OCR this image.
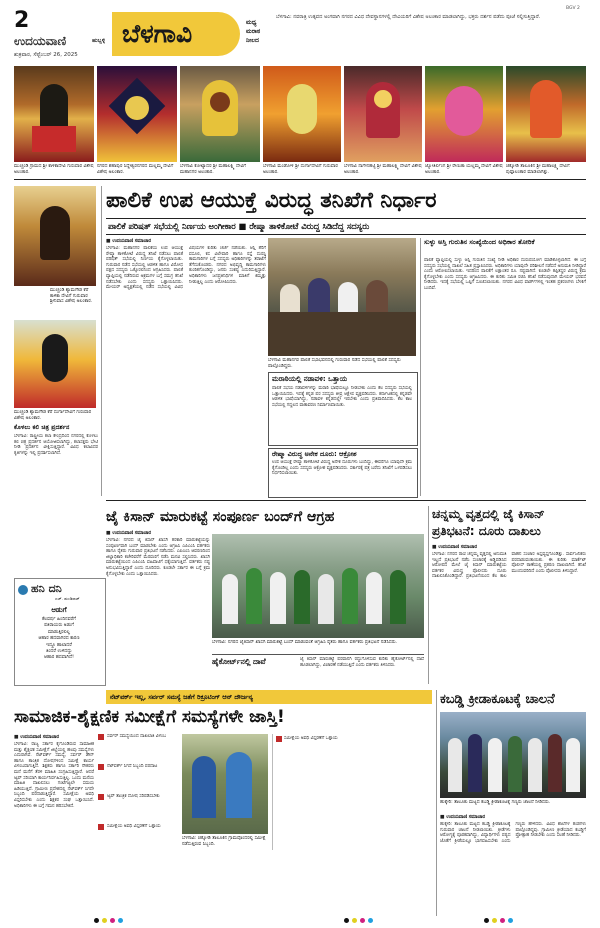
2
ಉದಯವಾಣಿ	ಹುಬ್ಬಳ್ಳಿ
ಶುಕ್ರವಾರ, ಸೆಪ್ಟೆಂಬರ್ 26, 2025
ಬೆಳಗಾವಿ	ಮಧ್ಯ ಮರಾಠ ನೀಲದ
ಬೆಳಗಾವಿ: ನವರಾತ್ರಿ ಉತ್ಸವದ ಅಂಗವಾಗಿ ನಗರದ ವಿವಿಧ ದೇವಸ್ಥಾನಗಳಲ್ಲಿ ದೇವಿಯರಿಗೆ ವಿಶೇಷ ಅಲಂಕಾರ ಮಾಡಲಾಗಿದ್ದು, ಭಕ್ತರು ದರ್ಶನ ಪಡೆದು ಪೂಜೆ ಸಲ್ಲಿಸುತ್ತಿದ್ದಾರೆ.
BGV 2
ಮುಚ್ಚಂಡಿ ಗ್ರಾಮದ ಶ್ರೀ ಕಾಳಿಕಾದೇವಿ ಗುರುವಾರ ವಿಶೇಷ ಅಲಂಕಾರ.
ನಗರದ ಶಹಾಪುರ ಸಿದ್ದೇಶ್ವರನಗರದ ಮಲ್ಲಮ್ಮ ದೇವಿಗೆ ವಿಶೇಷ ಅಲಂಕಾರ.
ಬೆಳಗಾವಿ ಕೋಟ್ಯಾದರ ಶ್ರೀ ಮಹಾಲಕ್ಷ್ಮಿ ದೇವಿಗೆ ಮಹಾನಗರ ಅಲಂಕಾರ.
ಬೆಳಗಾವಿ ಮಂಡೋಳಿ ಶ್ರೀ ದುರ್ಗಾದೇವಿಗೆ ಗುರುವಾರ ಅಲಂಕಾರ.
ಬೆಳಗಾವಿ ನಾಗೇನಹಟ್ಟಿ ಶ್ರೀ ಮಹಾಲಕ್ಷ್ಮಿ ದೇವಿಗೆ ವಿಶೇಷ ಅಲಂಕಾರ.
ಜ್ಯೋತಿರ್ಲಿಂಗ ಶ್ರೀ ರೇಣುಕಾ ಯಲ್ಲಮ್ಮ ದೇವಿಗೆ ವಿಶೇಷ ಅಲಂಕಾರ.
ಚಿಕ್ಕೋಡಿ ತಾಲೂಕಿನ ಶ್ರೀ ಮಹಾಲಕ್ಷ್ಮಿ ದೇವಿಗೆ ಪುಷ್ಪಾಲಂಕಾರ ಮಾಡಲಾಗಿತ್ತು.
ಮುಚ್ಚಂಡಿ ಶ್ಯಾಮಗೌಡ ಕೆರೆ ಕಾಳಿಕಾ ದೇವಿಗೆ ಗುರುವಾರ ಶ್ರೀನಿವಾಸ ವಿಶೇಷ ಅಲಂಕಾರ.
ಮುಚ್ಚಂಡಿ ಶ್ಯಾಮಗೌಡ ಕೆರೆ ದುರ್ಗಾದೇವಿಗೆ ಗುರುವಾರ ವಿಶೇಷ ಅಲಂಕಾರ.
ಕೊಳಲು ಕಲಿ ಚಿತ್ರ ಪ್ರದರ್ಶನ
ಬೆಳಗಾವಿ: ರಾಷ್ಟ್ರೀಯ ಕಲಾ ಕೇಂದ್ರದಿಂದ ನಗರದಲ್ಲಿ ಕೊಳಲು ಕಲಿ ಚಿತ್ರ ಪ್ರದರ್ಶನ ಆಯೋಜಿಸಲಾಗಿದ್ದು, ಕಲಾಸಕ್ತರು ಭೇಟಿ ನೀಡಿ ಪ್ರದರ್ಶನ ವೀಕ್ಷಿಸುತ್ತಿದ್ದಾರೆ. ವಿವಿಧ ಕಲಾವಿದರ ಕೃತಿಗಳನ್ನು ಇಲ್ಲಿ ಪ್ರದರ್ಶಿಸಲಾಗಿದೆ.
ಪಾಲಿಕೆ ಉಪ ಆಯುಕ್ತೆ ವಿರುದ್ಧ ತನಿಖೆಗೆ ನಿರ್ಧಾರ
ಪಾಲಿಕೆ ಪರಿಷತ್ ಸಭೆಯಲ್ಲಿ ನಿರ್ಣಯ ಅಂಗೀಕಾರ ■ ರೇಷ್ಮಾ ತಾಳಿಕೋಟೆ ವಿರುದ್ಧ ಸಿಡಿದೆದ್ದ ಸದಸ್ಯರು
■ ಉದಯವಾಣಿ ಸಮಾಚಾರ
ಬೆಳಗಾವಿ: ಮಹಾನಗರ ಪಾಲಿಕೆಯ ಉಪ ಆಯುಕ್ತೆ ರೇಷ್ಮಾ ತಾಳಿಕೋಟೆ ವಿರುದ್ಧ ತನಿಖೆ ನಡೆಸಲು ಪಾಲಿಕೆ ಪರಿಷತ್ ಸಭೆಯಲ್ಲಿ ನಿರ್ಣಯ ಕೈಗೊಳ್ಳಲಾಯಿತು. ಗುರುವಾರ ನಡೆದ ಸಭೆಯಲ್ಲಿ ಆಡಳಿತ ಹಾಗೂ ವಿರೋಧ ಪಕ್ಷದ ಸದಸ್ಯರು ಒಕ್ಕೊರಲಿನಿಂದ ಆಗ್ರಹಿಸಿದರು. ಪಾಲಿಕೆ ವ್ಯಾಪ್ತಿಯಲ್ಲಿ ನಡೆದಿರುವ ಅಕ್ರಮಗಳ ಬಗ್ಗೆ ಸಮಗ್ರ ತನಿಖೆ ನಡೆಸಬೇಕು ಎಂದು ಸದಸ್ಯರು ಒತ್ತಾಯಿಸಿದರು. ಮೇಯರ್ ಅಧ್ಯಕ್ಷತೆಯಲ್ಲಿ ನಡೆದ ಸಭೆಯಲ್ಲಿ ವಿವಿಧ ವಿಷಯಗಳ ಕುರಿತು ಚರ್ಚೆ ನಡೆಯಿತು. ಆಸ್ತಿ ತೆರಿಗೆ ವಸೂಲಿ, ಕಸ ವಿಲೇವಾರಿ ಹಾಗೂ ರಸ್ತೆ ದುರಸ್ತಿ ಕಾಮಗಾರಿಗಳ ಬಗ್ಗೆ ಸದಸ್ಯರು ಅಧಿಕಾರಿಗಳನ್ನು ತರಾಟೆಗೆ ತೆಗೆದುಕೊಂಡರು. ನಗರದ ಅಭಿವೃದ್ಧಿ ಕಾಮಗಾರಿಗಳು ಕುಂಠಿತಗೊಂಡಿದ್ದು, ಜನರು ಸಂಕಷ್ಟ ಎದುರಿಸುತ್ತಿದ್ದಾರೆ. ಅಧಿಕಾರಿಗಳು ಜನಪ್ರತಿನಿಧಿಗಳ ಮಾತಿಗೆ ಕಿಮ್ಮತ್ತು ನೀಡುತ್ತಿಲ್ಲ ಎಂದು ಆರೋಪಿಸಿದರು.
ಬೆಳಗಾವಿ ಮಹಾನಗರ ಪಾಲಿಕೆ ಸಭಾಭವನದಲ್ಲಿ ಗುರುವಾರ ನಡೆದ ಸಭೆಯಲ್ಲಿ ಪಾಲಿಕೆ ಸದಸ್ಯರು ಪಾಲ್ಗೊಂಡಿದ್ದರು.
ಮರಾಠಿಯಲ್ಲಿ ನಡಾವಳಿ: ಒತ್ತಾಯ
ಪಾಲಿಕೆ ಸಭೆಯ ನಡಾವಳಿಗಳನ್ನು ಮರಾಠಿ ಭಾಷೆಯಲ್ಲೂ ನೀಡಬೇಕು ಎಂದು ಕೆಲ ಸದಸ್ಯರು ಸಭೆಯಲ್ಲಿ ಒತ್ತಾಯಿಸಿದರು. ಇದಕ್ಕೆ ಕನ್ನಡ ಪರ ಸದಸ್ಯರು ತೀವ್ರ ಆಕ್ಷೇಪ ವ್ಯಕ್ತಪಡಿಸಿದರು. ಕರ್ನಾಟಕದಲ್ಲಿ ಕನ್ನಡವೇ ಆಡಳಿತ ಭಾಷೆಯಾಗಿದ್ದು, ನಡಾವಳಿ ಕನ್ನಡದಲ್ಲೇ ಇರಬೇಕು ಎಂದು ಪ್ರತಿಪಾದಿಸಿದರು. ಕೆಲ ಕಾಲ ಸಭೆಯಲ್ಲಿ ಗದ್ದಲದ ವಾತಾವರಣ ನಿರ್ಮಾಣವಾಯಿತು.
ರೇಷ್ಮಾ ವಿರುದ್ಧ ಅನೇಕ ದೂರು: ಆಕ್ರೋಶ
ಉಪ ಆಯುಕ್ತೆ ರೇಷ್ಮಾ ತಾಳಿಕೋಟೆ ವಿರುದ್ಧ ಅನೇಕ ದೂರುಗಳು ಬಂದಿದ್ದು, ಈವರೆಗೂ ಯಾವುದೇ ಕ್ರಮ ಕೈಗೊಂಡಿಲ್ಲ ಎಂದು ಸದಸ್ಯರು ಆಕ್ರೋಶ ವ್ಯಕ್ತಪಡಿಸಿದರು. ಸರ್ಕಾರಕ್ಕೆ ಪತ್ರ ಬರೆದು ತನಿಖೆಗೆ ಒಳಪಡಿಸಲು ನಿರ್ಧರಿಸಲಾಯಿತು.
ಸುಳ್ಳು ಅಸ್ತಿ ಗುರುತಿನ ಸಂಖ್ಯೆಯಿಂದ ಅಧಿಕಾರ ತೋರಿಕೆ
ಪಾಲಿಕೆ ವ್ಯಾಪ್ತಿಯಲ್ಲಿ ಸುಳ್ಳು ಆಸ್ತಿ ಗುರುತಿನ ಸಂಖ್ಯೆ ನೀಡಿ ಅಧಿಕಾರ ದುರುಪಯೋಗ ಮಾಡಿಕೊಳ್ಳಲಾಗಿದೆ. ಈ ಬಗ್ಗೆ ಸದಸ್ಯರು ಸಭೆಯಲ್ಲಿ ದಾಖಲೆ ಸಹಿತ ಪ್ರಸ್ತಾಪಿಸಿದರು. ಅಧಿಕಾರಿಗಳು ಯಾವುದೇ ಪರಿಶೀಲನೆ ನಡೆಸದೆ ಅನುಮತಿ ನೀಡಿದ್ದಾರೆ ಎಂದು ಆರೋಪಿಸಲಾಯಿತು. ಇದರಿಂದ ಪಾಲಿಕೆಗೆ ಲಕ್ಷಾಂತರ ರೂ. ನಷ್ಟವಾಗಿದೆ. ಕೂಡಲೇ ತಪ್ಪಿತಸ್ಥರ ವಿರುದ್ಧ ಕ್ರಮ ಕೈಗೊಳ್ಳಬೇಕು ಎಂದು ಸದಸ್ಯರು ಆಗ್ರಹಿಸಿದರು. ಈ ಕುರಿತು ಸಮಿತಿ ರಚಿಸಿ ತನಿಖೆ ನಡೆಸುವುದಾಗಿ ಮೇಯರ್ ಭರವಸೆ ನೀಡಿದರು. ಇದಕ್ಕೆ ಸಭೆಯಲ್ಲಿ ಒಪ್ಪಿಗೆ ಸೂಚಿಸಲಾಯಿತು. ನಗರದ ವಿವಿಧ ವಾರ್ಡ್‌ಗಳಲ್ಲಿ ಇಂತಹ ಪ್ರಕರಣಗಳು ಬೆಳಕಿಗೆ ಬಂದಿವೆ.
ಜೈ ಕಿಸಾನ್ ಮಾರುಕಟ್ಟೆ ಸಂಪೂರ್ಣ ಬಂದ್‌ಗೆ ಆಗ್ರಹ
■ ಉದಯವಾಣಿ ಸಮಾಚಾರ
ಬೆಳಗಾವಿ: ನಗರದ ಜೈ ಕಿಸಾನ್ ಖಾಸಗಿ ತರಕಾರಿ ಮಾರುಕಟ್ಟೆಯನ್ನು ಸಂಪೂರ್ಣವಾಗಿ ಬಂದ್ ಮಾಡಬೇಕು ಎಂದು ಆಗ್ರಹಿಸಿ ಎಪಿಎಂಸಿ ವರ್ತಕರು ಹಾಗೂ ರೈತರು ಗುರುವಾರ ಪ್ರತಿಭಟನೆ ನಡೆಸಿದರು. ಎಪಿಎಂಸಿ ಆವರಣದಿಂದ ಜಿಲ್ಲಾಧಿಕಾರಿ ಕಚೇರಿವರೆಗೆ ಮೆರವಣಿಗೆ ನಡೆಸಿ ಮನವಿ ಸಲ್ಲಿಸಿದರು. ಖಾಸಗಿ ಮಾರುಕಟ್ಟೆಯಿಂದ ಎಪಿಎಂಸಿ ವಹಿವಾಟಿಗೆ ಧಕ್ಕೆಯಾಗುತ್ತಿದೆ. ವರ್ತಕರು ನಷ್ಟ ಅನುಭವಿಸುತ್ತಿದ್ದಾರೆ ಎಂದು ದೂರಿದರು. ಕೂಡಲೇ ಸರ್ಕಾರ ಈ ಬಗ್ಗೆ ಕ್ರಮ ಕೈಗೊಳ್ಳಬೇಕು ಎಂದು ಒತ್ತಾಯಿಸಿದರು.
ಬೆಳಗಾವಿ: ನಗರದ ಜೈಕಿಸಾನ್ ಖಾಸಗಿ ಮಾರುಕಟ್ಟೆ ಬಂದ್ ಮಾಡುವಂತೆ ಆಗ್ರಹಿಸಿ ರೈತರು ಹಾಗೂ ವರ್ತಕರು ಪ್ರತಿಭಟನೆ ನಡೆಸಿದರು.
ಹನಿ ದನಿ
ಎಚ್. ಡುಂಡಿರಾಜ್
ಆಡುಗೆ
ಕೆಲವರ್ಷ ಹಿಂದಿನವರೆಗೆ
ಪತಿರಾಯರು ಅಡುಗೆ
ಮಾಡುತ್ತಿರಲಿಲ್ಲ
ಆಹಾರ ಹದವಾಗಿರದ ಕಾರಣ
ಇದ್ದೂ ಹಾಲಾದರೆ
ತಿಂದರೆ ಉಳಿದದ್ದು
ಆಹಾರ ಹದವಾಗಿದೆ!	ಹೈಕೋರ್ಟ್‌ನಲ್ಲಿ ದಾವೆ	ಜೈ ಕಿಸಾನ್ ಮಾರುಕಟ್ಟೆ ಪರವಾನಗಿ ರದ್ದುಗೊಳಿಸುವ ಕುರಿತು ಹೈಕೋರ್ಟ್‌ನಲ್ಲಿ ದಾವೆ ಹೂಡಲಾಗಿದ್ದು, ವಿಚಾರಣೆ ನಡೆಯುತ್ತಿದೆ ಎಂದು ವರ್ತಕರು ತಿಳಿಸಿದರು.
ಚನ್ನಮ್ಮ ವೃತ್ತದಲ್ಲಿ ಜೈ ಕಿಸಾನ್ ಪ್ರತಿಭಟನೆ: ದೂರು ದಾಖಲು
■ ಉದಯವಾಣಿ ಸಮಾಚಾರ
ಬೆಳಗಾವಿ: ನಗರದ ರಾಣಿ ಚನ್ನಮ್ಮ ವೃತ್ತದಲ್ಲಿ ಅನುಮತಿ ಇಲ್ಲದೆ ಪ್ರತಿಭಟನೆ ನಡೆಸಿ ಸಂಚಾರಕ್ಕೆ ಅಡ್ಡಿಪಡಿಸಿದ ಆರೋಪದ ಮೇಲೆ ಜೈ ಕಿಸಾನ್ ಮಾರುಕಟ್ಟೆಯ ವರ್ತಕರ ವಿರುದ್ಧ ಪೊಲೀಸರು ದೂರು ದಾಖಲಿಸಿಕೊಂಡಿದ್ದಾರೆ. ಪ್ರತಿಭಟನೆಯಿಂದ ಕೆಲ ಕಾಲ ವಾಹನ ಸಂಚಾರ ಅಸ್ತವ್ಯಸ್ತಗೊಂಡಿತ್ತು. ಸಾರ್ವಜನಿಕರು ಪರದಾಡುವಂತಾಯಿತು. ಈ ಕುರಿತು ಮಾರ್ಕೆಟ್ ಪೊಲೀಸ್ ಠಾಣೆಯಲ್ಲಿ ಪ್ರಕರಣ ದಾಖಲಾಗಿದೆ. ತನಿಖೆ ಮುಂದುವರಿದಿದೆ ಎಂದು ಪೊಲೀಸರು ತಿಳಿಸಿದ್ದಾರೆ.
ನೆಟ್‌ವರ್ಕ್ ಇಲ್ಲ, ಸರ್ವರ್ ಸಮಸ್ಯೆ ಜತೆಗೆ ರಿಕ್ರೂಟಿಂಗ್ ಆನ್ ದೌರ್ಜನ್ಯ
ಸಾಮಾಜಿಕ-ಶೈಕ್ಷಣಿಕ ಸಮೀಕ್ಷೆಗೆ ಸಮಸ್ಯೆಗಳೇ ಜಾಸ್ತಿ!
■ ಉದಯವಾಣಿ ಸಮಾಚಾರ
ಬೆಳಗಾವಿ: ರಾಜ್ಯ ಸರ್ಕಾರ ಕೈಗೊಂಡಿರುವ ಸಾಮಾಜಿಕ ಮತ್ತು ಶೈಕ್ಷಣಿಕ ಸಮೀಕ್ಷೆಗೆ ಜಿಲ್ಲೆಯಲ್ಲಿ ಹಲವು ಸಮಸ್ಯೆಗಳು ಎದುರಾಗಿವೆ. ನೆಟ್‌ವರ್ಕ್ ಸಮಸ್ಯೆ, ಸರ್ವರ್ ಡೌನ್ ಹಾಗೂ ತಾಂತ್ರಿಕ ದೋಷಗಳಿಂದ ಸಮೀಕ್ಷೆ ಕಾರ್ಯ ವಿಳಂಬವಾಗುತ್ತಿದೆ. ಶಿಕ್ಷಕರು ಹಾಗೂ ಸರ್ಕಾರಿ ನೌಕರರು ಮನೆ ಮನೆಗೆ ತೆರಳಿ ಮಾಹಿತಿ ಸಂಗ್ರಹಿಸುತ್ತಿದ್ದಾರೆ. ಆದರೆ ಆ್ಯಪ್ ಸರಿಯಾಗಿ ಕಾರ್ಯನಿರ್ವಹಿಸುತ್ತಿಲ್ಲ. ಒಂದು ಮನೆಯ ಮಾಹಿತಿ ದಾಖಲಿಸಲು ಗಂಟೆಗಟ್ಟಲೇ ಸಮಯ ಹಿಡಿಯುತ್ತಿದೆ. ಗ್ರಾಮೀಣ ಪ್ರದೇಶದಲ್ಲಿ ನೆಟ್‌ವರ್ಕ್ ಸಿಗದೇ ಸಿಬ್ಬಂದಿ ಪರದಾಡುತ್ತಿದ್ದಾರೆ. ಸಮೀಕ್ಷೆಯ ಅವಧಿ ವಿಸ್ತರಿಸಬೇಕು ಎಂದು ಶಿಕ್ಷಕರ ಸಂಘ ಒತ್ತಾಯಿಸಿದೆ. ಅಧಿಕಾರಿಗಳು ಈ ಬಗ್ಗೆ ಗಮನ ಹರಿಸಬೇಕಿದೆ.
ಸರ್ವರ್ ಸಮಸ್ಯೆಯಿಂದ ದಾಖಲಾತಿ ವಿಳಂಬ
ನೆಟ್‌ವರ್ಕ್ ಸಿಗದೆ ಸಿಬ್ಬಂದಿ ಪರದಾಟ
ಆ್ಯಪ್ ತಾಂತ್ರಿಕ ದೋಷ ಸರಿಪಡಿಸಬೇಕು
ಸಮೀಕ್ಷೆಯ ಅವಧಿ ವಿಸ್ತರಣೆಗೆ ಒತ್ತಾಯ
ಬೆಳಗಾವಿ: ಚಿಕ್ಕೋಡಿ ತಾಲೂಕಿನ ಗ್ರಾಮವೊಂದರಲ್ಲಿ ಸಮೀಕ್ಷೆ ನಡೆಸುತ್ತಿರುವ ಸಿಬ್ಬಂದಿ.
ಸಮೀಕ್ಷೆಯ ಅವಧಿ ವಿಸ್ತರಣೆಗೆ ಒತ್ತಾಯ
ಕಬಡ್ಡಿ ಕ್ರೀಡಾಕೂಟಕ್ಕೆ ಚಾಲನೆ
ಹುಕ್ಕೇರಿ: ತಾಲೂಕು ಮಟ್ಟದ ಕಬಡ್ಡಿ ಕ್ರೀಡಾಕೂಟಕ್ಕೆ ಗಣ್ಯರು ಚಾಲನೆ ನೀಡಿದರು.
■ ಉದಯವಾಣಿ ಸಮಾಚಾರ
ಹುಕ್ಕೇರಿ: ತಾಲೂಕು ಮಟ್ಟದ ಕಬಡ್ಡಿ ಕ್ರೀಡಾಕೂಟಕ್ಕೆ ಗುರುವಾರ ಚಾಲನೆ ನೀಡಲಾಯಿತು. ಕ್ರೀಡೆಗಳು ಆರೋಗ್ಯಕ್ಕೆ ಪೂರಕವಾಗಿದ್ದು, ವಿದ್ಯಾರ್ಥಿಗಳು ಪಠ್ಯದ ಜೊತೆಗೆ ಕ್ರೀಡೆಯಲ್ಲೂ ಭಾಗವಹಿಸಬೇಕು ಎಂದು ಗಣ್ಯರು ಹೇಳಿದರು. ವಿವಿಧ ಶಾಲೆಗಳ ತಂಡಗಳು ಪಾಲ್ಗೊಂಡಿದ್ದವು. ಗ್ರಾಮೀಣ ಕ್ರೀಡೆಯಾದ ಕಬಡ್ಡಿಗೆ ಪ್ರೋತ್ಸಾಹ ನೀಡಬೇಕು ಎಂದು ಸಲಹೆ ನೀಡಿದರು.
